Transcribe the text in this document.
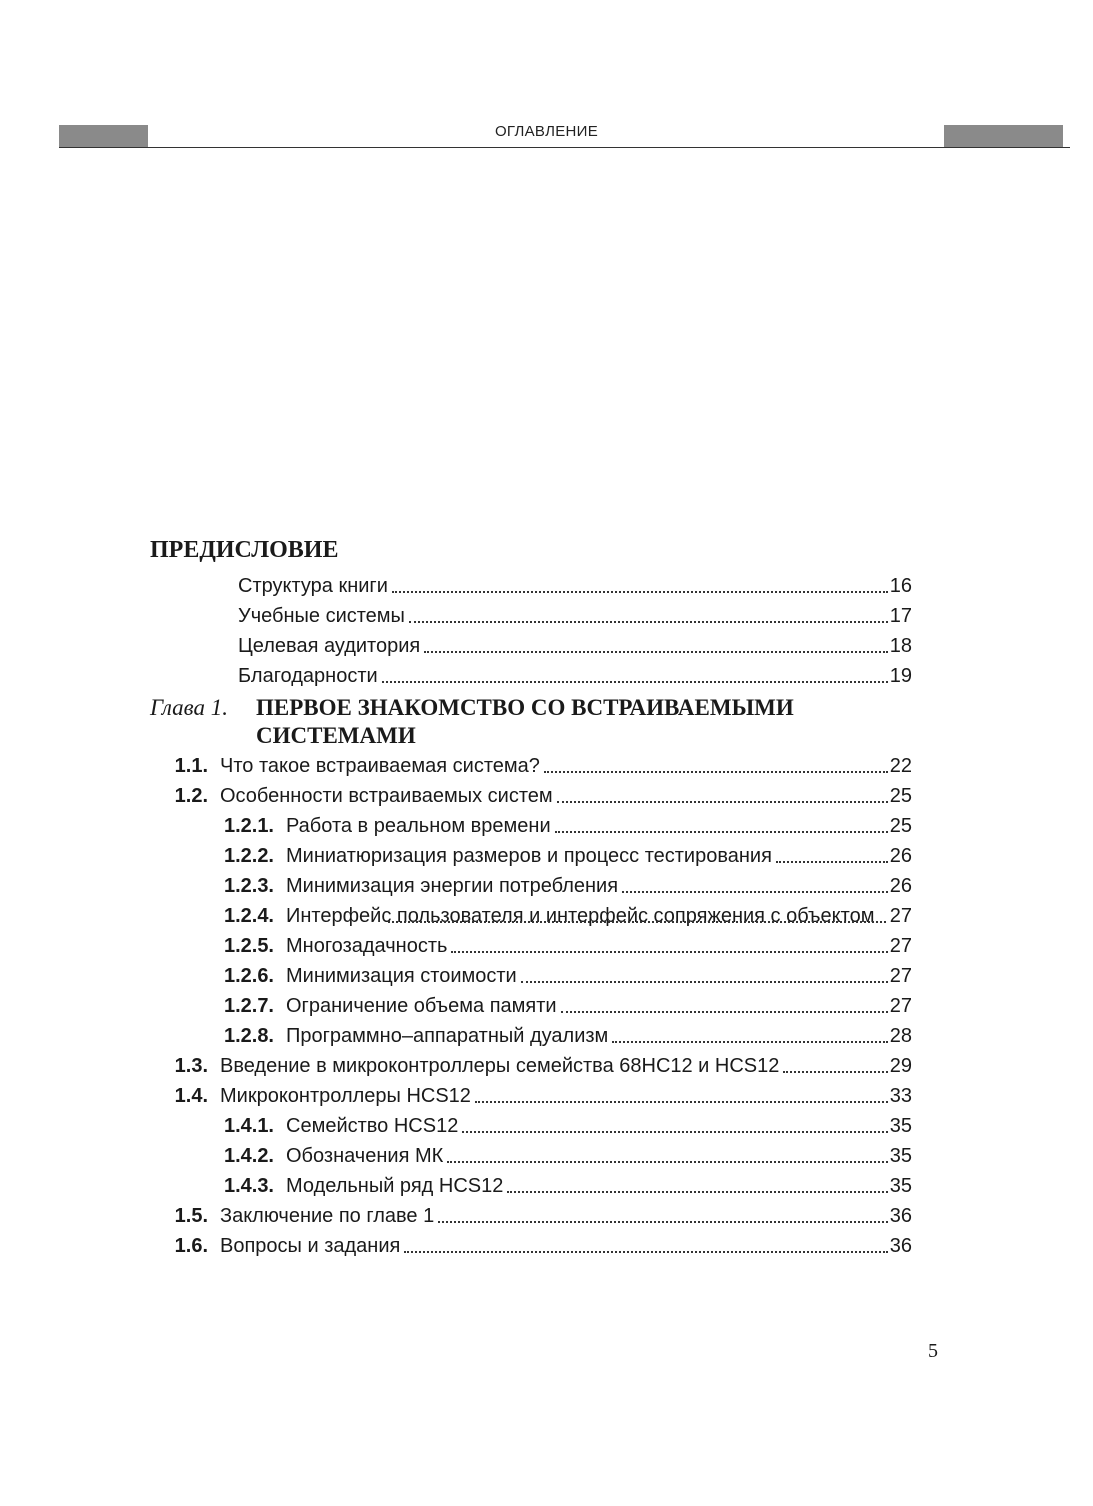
ОГЛАВЛЕНИЕ
ПРЕДИСЛОВИЕ
Структура книги	16
Учебные системы	17
Целевая аудитория	18
Благодарности	19
Глава 1.	ПЕРВОЕ ЗНАКОМСТВО СО ВСТРАИВАЕМЫМИ СИСТЕМАМИ
1.1. Что такое встраиваемая система?	22
1.2. Особенности встраиваемых систем	25
1.2.1. Работа в реальном времени	25
1.2.2. Миниатюризация размеров и процесс тестирования	26
1.2.3. Минимизация энергии потребления	26
1.2.4. Интерфейс пользователя и интерфейс сопряжения с объектом 27
1.2.5. Многозадачность	27
1.2.6. Минимизация стоимости	27
1.2.7. Ограничение объема памяти	27
1.2.8. Программно–аппаратный дуализм	28
1.3. Введение в микроконтроллеры семейства 68HC12 и HCS12	29
1.4. Микроконтроллеры HCS12	33
1.4.1. Семейство HCS12	35
1.4.2. Обозначения МК	35
1.4.3. Модельный ряд HCS12	35
1.5. Заключение по главе 1	36
1.6. Вопросы и задания	36
5
